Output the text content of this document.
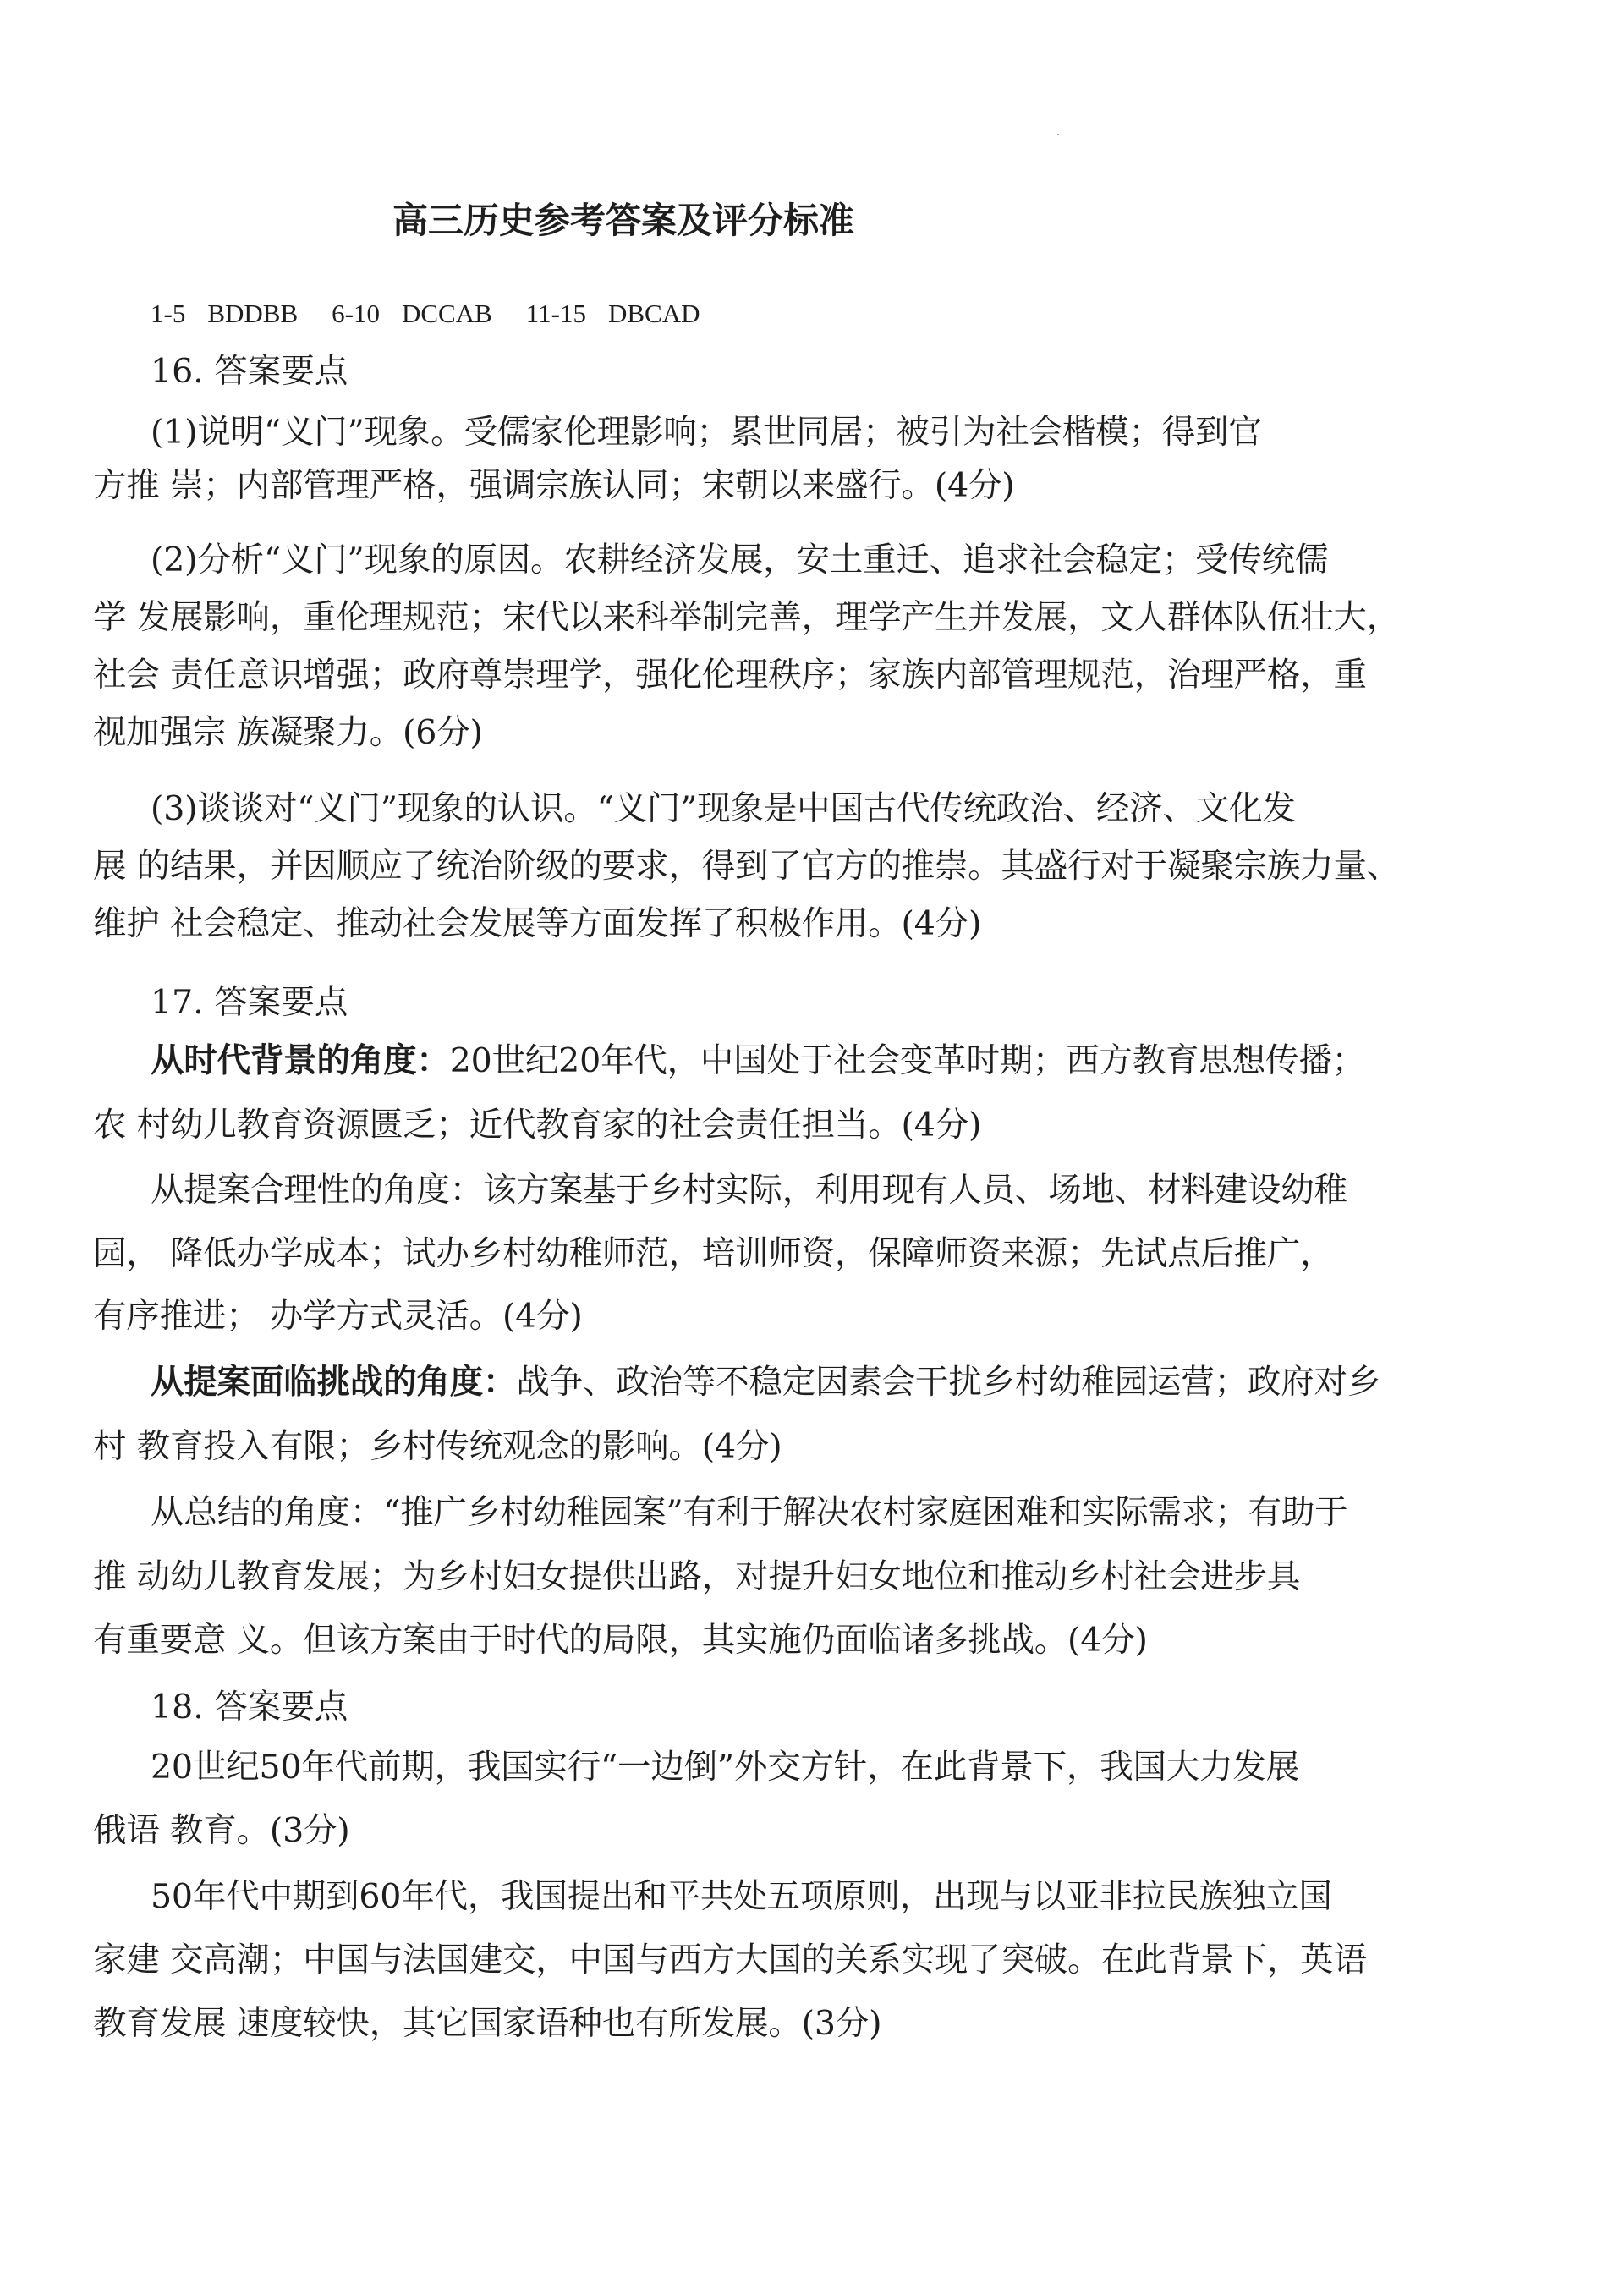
高三历史参考答案及评分标准
1-5 BDDBB 6-10 DCCAB 11-15 DBCAD
16. 答案要点
(1)说明“义门”现象。受儒家伦理影响；累世同居；被引为社会楷模；得到官
方推 崇；内部管理严格，强调宗族认同；宋朝以来盛行。(4分)
(2)分析“义门”现象的原因。农耕经济发展，安土重迁、追求社会稳定；受传统儒
学 发展影响，重伦理规范；宋代以来科举制完善，理学产生并发展，文人群体队伍壮大，
社会 责任意识增强；政府尊崇理学，强化伦理秩序；家族内部管理规范，治理严格，重
视加强宗 族凝聚力。(6分)
(3)谈谈对“义门”现象的认识。“义门”现象是中国古代传统政治、经济、文化发
展 的结果，并因顺应了统治阶级的要求，得到了官方的推崇。其盛行对于凝聚宗族力量、
维护 社会稳定、推动社会发展等方面发挥了积极作用。(4分)
17. 答案要点
从时代背景的角度：20世纪20年代，中国处于社会变革时期；西方教育思想传播；
农 村幼儿教育资源匮乏；近代教育家的社会责任担当。(4分)
从提案合理性的角度：该方案基于乡村实际，利用现有人员、场地、材料建设幼稚
园， 降低办学成本；试办乡村幼稚师范，培训师资，保障师资来源；先试点后推广，
有序推进； 办学方式灵活。(4分)
从提案面临挑战的角度：战争、政治等不稳定因素会干扰乡村幼稚园运营；政府对乡
村 教育投入有限；乡村传统观念的影响。(4分)
从总结的角度：“推广乡村幼稚园案”有利于解决农村家庭困难和实际需求；有助于
推 动幼儿教育发展；为乡村妇女提供出路，对提升妇女地位和推动乡村社会进步具
有重要意 义。但该方案由于时代的局限，其实施仍面临诸多挑战。(4分)
18. 答案要点
20世纪50年代前期，我国实行“一边倒”外交方针，在此背景下，我国大力发展
俄语 教育。(3分)
50年代中期到60年代，我国提出和平共处五项原则，出现与以亚非拉民族独立国
家建 交高潮；中国与法国建交，中国与西方大国的关系实现了突破。在此背景下，英语
教育发展 速度较快，其它国家语种也有所发展。(3分)
